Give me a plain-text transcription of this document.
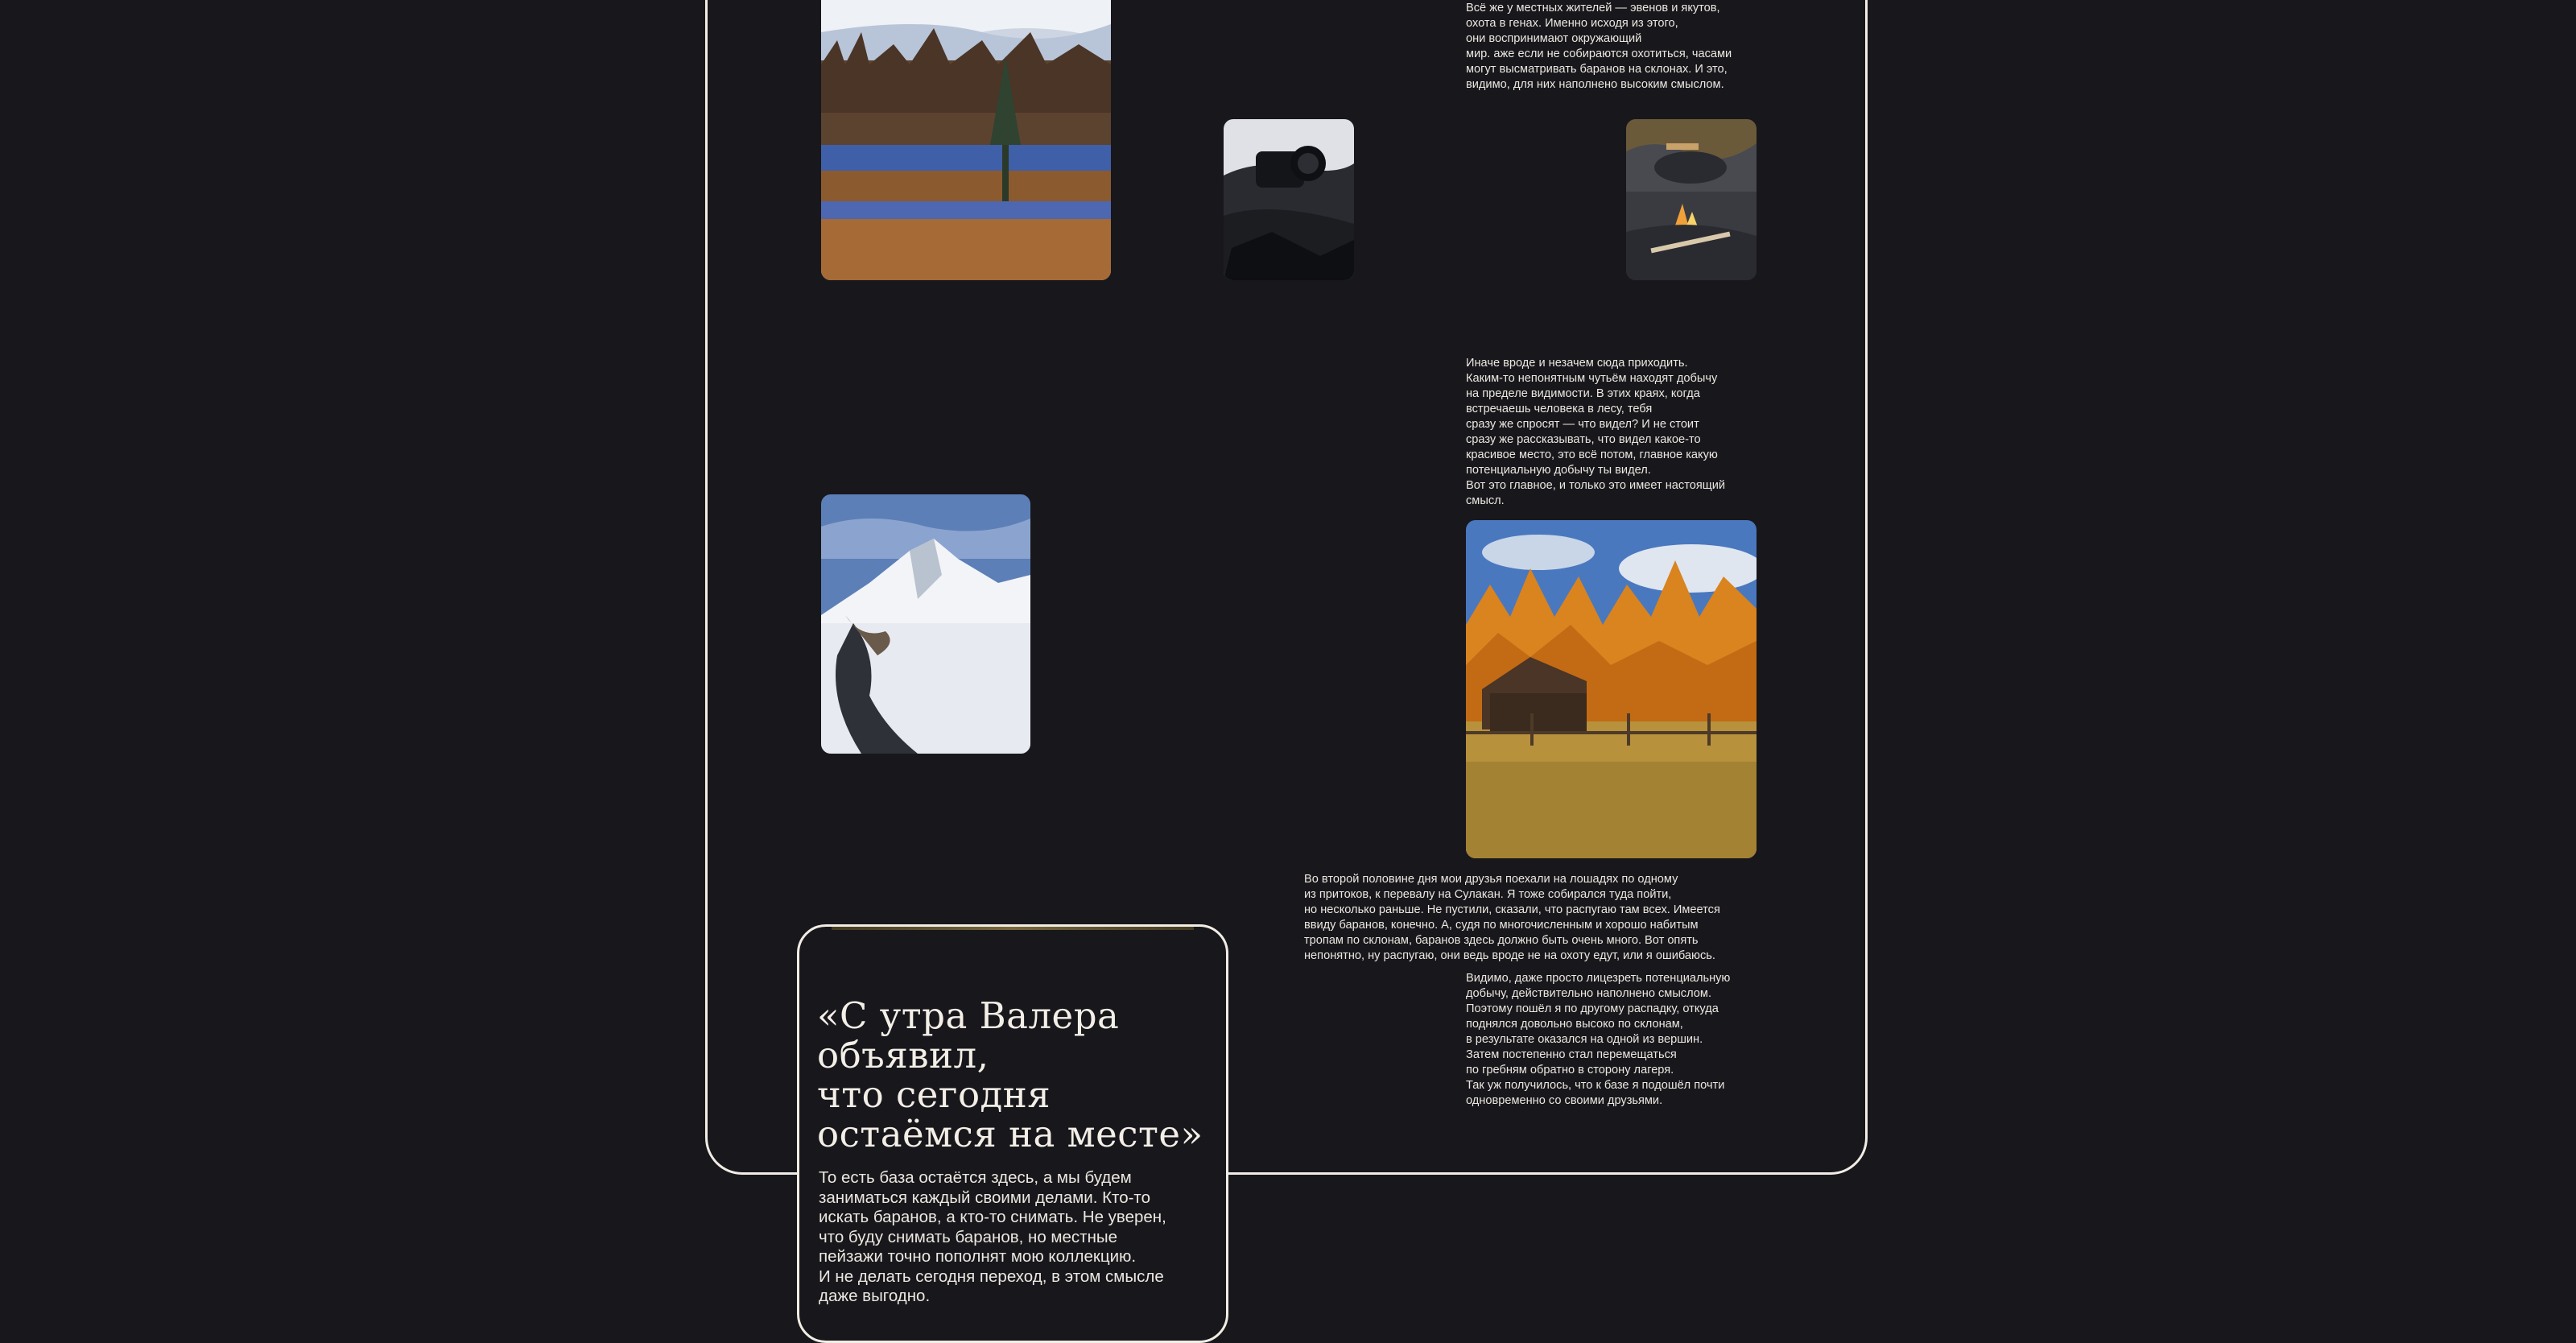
Всё же у местных жителей — эвенов и якутов,
охота в генах. Именно исходя из этого,
они воспринимают окружающий
мир. аже если не собираются охотиться, часами
могут высматривать баранов на склонах. И это,
видимо, для них наполнено высоким смыслом.

Иначе вроде и незачем сюда приходить.
Каким-то непонятным чутьём находят добычу
на пределе видимости. В этих краях, когда
встречаешь человека в лесу, тебя
сразу же спросят — что видел? И не стоит
сразу же рассказывать, что видел какое-то
красивое место, это всё потом, главное какую
потенциальную добычу ты видел.
Вот это главное, и только это имеет настоящий
смысл.

Во второй половине дня мои друзья поехали на лошадях по одному
из притоков, к перевалу на Сулакан. Я тоже собирался туда пойти,
но несколько раньше. Не пустили, сказали, что распугаю там всех. Имеется
ввиду баранов, конечно. А, судя по многочисленным и хорошо набитым
тропам по склонам, баранов здесь должно быть очень много. Вот опять
непонятно, ну распугаю, они ведь вроде не на охоту едут, или я ошибаюсь.

Видимо, даже просто лицезреть потенциальную
добычу, действительно наполнено смыслом.
Поэтому пошёл я по другому распадку, откуда
поднялся довольно высоко по склонам,
в результате оказался на одной из вершин.
Затем постепенно стал перемещаться
по гребням обратно в сторону лагеря.
Так уж получилось, что к базе я подошёл почти
одновременно со своими друзьями.

«С утра Валера
объявил,
что сегодня
остаёмся на месте»

То есть база остаётся здесь, а мы будем
заниматься каждый своими делами. Кто-то
искать баранов, а кто-то снимать. Не уверен,
что буду снимать баранов, но местные
пейзажи точно пополнят мою коллекцию.
И не делать сегодня переход, в этом смысле
даже выгодно.
